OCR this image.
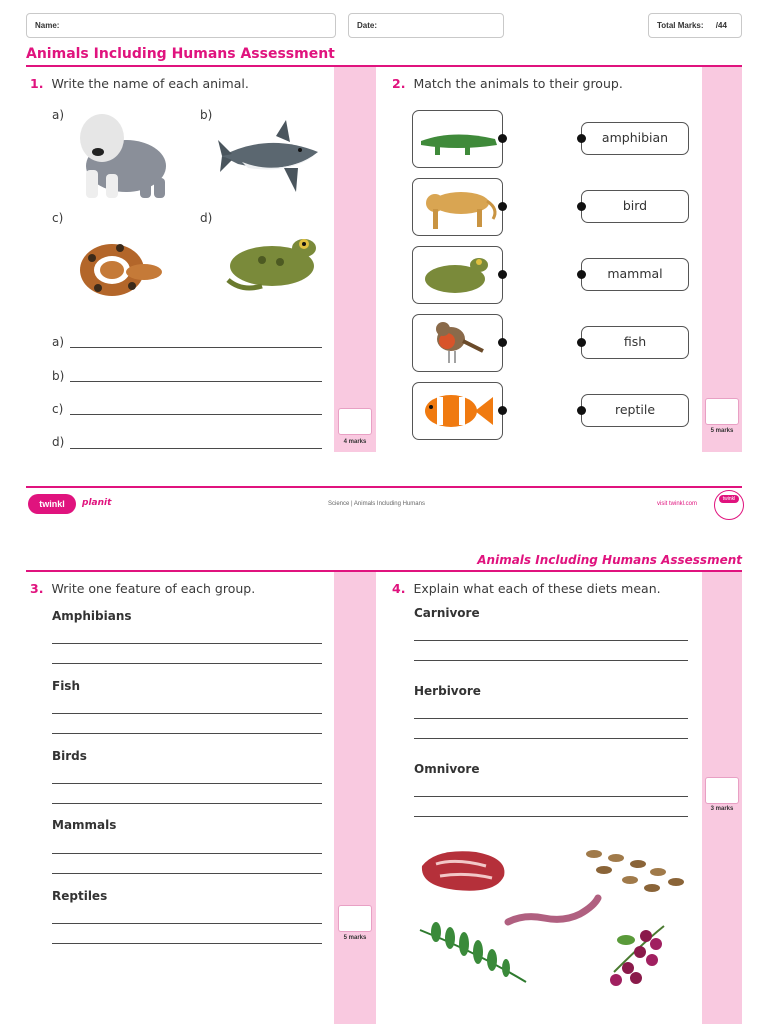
Name:	Date:	Total Marks: /44
Animals Including Humans Assessment
1. Write the name of each animal.
a)	b)
c)	d)
a)
b)
c)
d)	4 marks
2. Match the animals to their group.
amphibian
bird
mammal
fish
reptile
5 marks
twinkl	planit	Science | Animals Including Humans	visit twinkl.com
twinkl
Animals Including Humans Assessment
3. Write one feature of each group.
Amphibians
Fish
Birds
Mammals
Reptiles
5 marks
4. Explain what each of these diets mean.
Carnivore
Herbivore
Omnivore
3 marks
